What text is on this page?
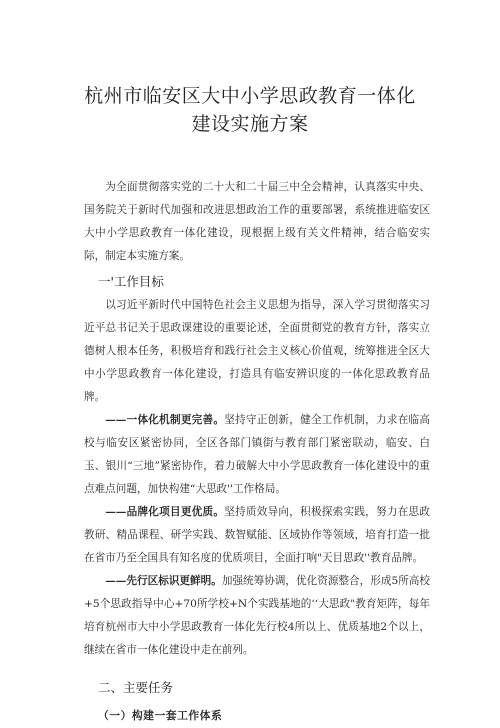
杭州市临安区大中小学思政教育一体化
建设实施方案

为全面贯彻落实党的二十大和二十届三中全会精神，认真落实中央、国务院关于新时代加强和改进思想政治工作的重要部署，系统推进临安区大中小学思政教育一体化建设，现根据上级有关文件精神，结合临安实际，制定本实施方案。

一'工作目标

以习近平新时代中国特色社会主义思想为指导，深入学习贯彻落实习近平总书记关于思政课建设的重要论述，全面贯彻党的教育方针，落实立德树人根本任务，积极培育和践行社会主义核心价值观，统筹推进全区大中小学思政教育一体化建设，打造具有临安辨识度的一体化思政教育品牌。

——一体化机制更完善。坚持守正创新，健全工作机制，力求在临高校与临安区紧密协同，全区各部门镇街与教育部门紧密联动，临安、白玉、银川“三地”紧密协作，着力破解大中小学思政教育一体化建设中的重点难点问题，加快构建“大思政''工作格局。

——品牌化项目更优质。坚持质效导向，积极探索实践，努力在思政教研、精品课程、研学实践、数智赋能、区域协作等领域，培育打造一批在省市乃至全国具有知名度的优质项目，全面打响"天目思政''教育品牌。

——先行区标识更鲜明。加强统筹协调，优化资源整合，形成5所高校+5个思政指导中心+70所学校+N个实践基地的‘‘大思政"教育矩阵，每年培育杭州市大中小学思政教育一体化先行校4所以上、优质基地2个以上，继续在省市一体化建设中走在前列。

二、主要任务
（一）构建一套工作体系
